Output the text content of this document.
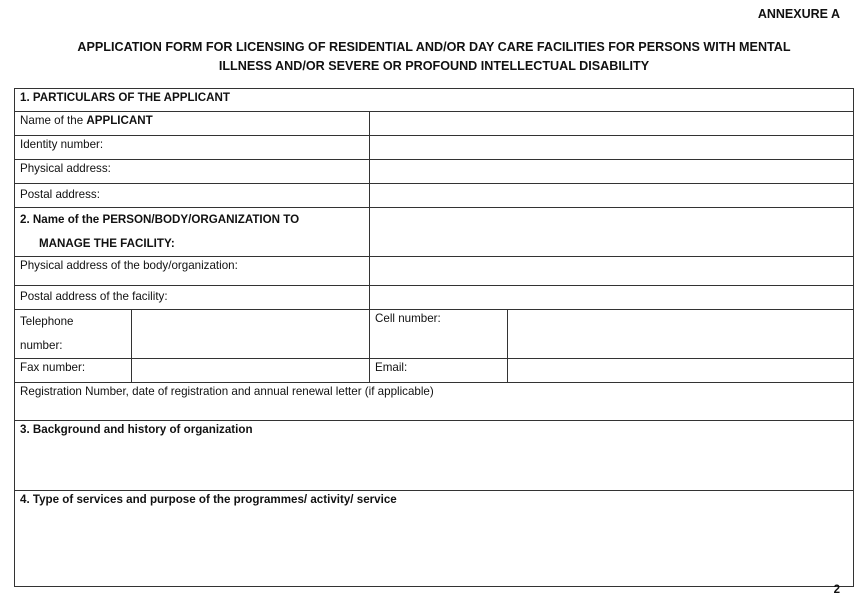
ANNEXURE A
APPLICATION FORM FOR LICENSING OF RESIDENTIAL AND/OR DAY CARE FACILITIES FOR PERSONS WITH MENTAL
ILLNESS AND/OR SEVERE OR PROFOUND INTELLECTUAL DISABILITY
1. PARTICULARS OF THE APPLICANT			
Name of the APPLICANT			
Identity number:			
Physical address:			
Postal address:			
2. Name of the PERSON/BODY/ORGANIZATION TO
MANAGE THE FACILITY:			
Physical address of the body/organization:			
Postal address of the facility:			
Telephone
number:		Cell number:	
Fax number:		Email:	
Registration Number, date of registration and annual renewal letter (if applicable)			
3. Background and history of organization			
4. Type of services and purpose of the programmes/ activity/ service			
2
